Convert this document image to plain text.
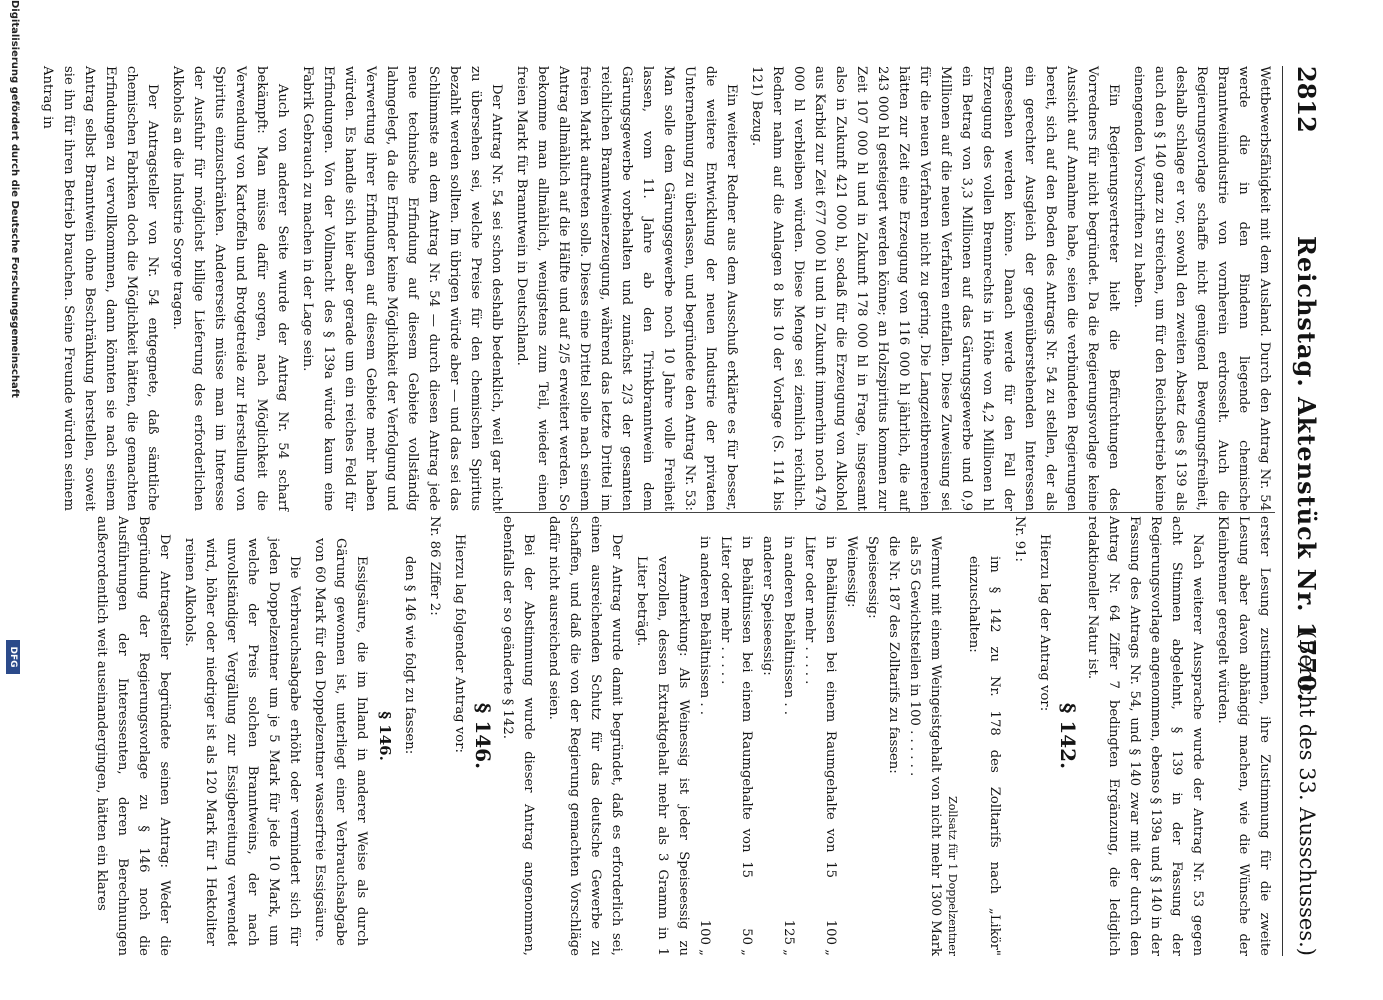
2812
Reichstag. Aktenstück Nr. 1770.
(Bericht des 33. Ausschusses.)

Wettbewerbsfähigkeit mit dem Ausland. Durch den Antrag Nr. 54 werde die in den Bindenn liegende chemische Branntweinindustrie von vornherein erdrosselt. Auch die Regierungsvorlage schaffe nicht genügend Bewegungsfreiheit, deshalb schlage er vor, sowohl den zweiten Absatz des § 139 als auch den § 140 ganz zu streichen, um für den Reichsbetrieb keine einengenden Vorschriften zu haben.

Ein Regierungsvertreter hielt die Befürchtungen des Vorredners für nicht begründet. Da die Regierungsvorlage keine Aussicht auf Annahme habe, seien die verbündeten Regierungen bereit, sich auf den Boden des Antrags Nr. 54 zu stellen, der als ein gerechter Ausgleich der gegenüberstehenden Interessen angesehen werden könne. Danach werde für den Fall der Erzeugung des vollen Brennrechts in Höhe von 4,2 Millionen hl ein Betrag von 3,3 Millionen auf das Gärungsgewerbe und 0,9 Millionen auf die neuen Verfahren entfallen. Diese Zuweisung sei für die neuen Verfahren nicht zu gering. Die Langzeitbrennereien hätten zur Zeit eine Erzeugung von 116 000 hl jährlich, die auf 243 000 hl gesteigert werden könne; an Holzspiritus kommen zur Zeit 107 000 hl und in Zukunft 178 000 hl in Frage, insgesamt also in Zukunft 421 000 hl, sodaß für die Erzeugung von Alkohol aus Karbid zur Zeit 677 000 hl und in Zukunft immerhin noch 479 000 hl verbleiben würden. Diese Menge sei ziemlich reichlich. Redner nahm auf die Anlagen 8 bis 10 der Vorlage (S. 114 bis 121) Bezug.

Ein weiterer Redner aus dem Ausschuß erklärte es für besser, die weitere Entwicklung der neuen Industrie der privaten Unternehmung zu überlassen, und begründete den Antrag Nr. 53: Man solle dem Gärungsgewerbe noch 10 Jahre volle Freiheit lassen, vom 11. Jahre ab den Trinkbranntwein dem Gärungsgewerbe vorbehalten und zunächst 2/3 der gesamten reichlichen Branntweinerzeugung, während das letzte Drittel im freien Markt auftreten solle. Dieses eine Drittel solle nach seinem Antrag allmählich auf die Hälfte und auf 2/5 erweitert werden. So bekomme man allmählich, wenigstens zum Teil, wieder einen freien Markt für Branntwein in Deutschland.

Der Antrag Nr. 54 sei schon deshalb bedenklich, weil gar nicht zu übersehen sei, welche Preise für den chemischen Spiritus bezahlt werden sollten. Im übrigen würde aber — und das sei das Schlimmste an dem Antrag Nr. 54 — durch diesen Antrag jede neue technische Erfindung auf diesem Gebiete vollständig lahmgelegt, da die Erfinder keine Möglichkeit der Verfolgung und Verwertung ihrer Erfindungen auf diesem Gebiete mehr haben würden. Es handle sich hier aber gerade um ein reiches Feld für Erfindungen. Von der Vollmacht des § 139a würde kaum eine Fabrik Gebrauch zu machen in der Lage sein.

Auch von anderer Seite wurde der Antrag Nr. 54 scharf bekämpft: Man müsse dafür sorgen, nach Möglichkeit die Verwendung von Kartoffeln und Brotgetreide zur Herstellung von Spiritus einzuschränken. Andererseits müsse man im Interesse der Ausfuhr für möglichst billige Lieferung des erforderlichen Alkohols an die Industrie Sorge tragen.

Der Antragsteller von Nr. 54 entgegnete, daß sämtliche chemischen Fabriken doch die Möglichkeit hätten, die gemachten Erfindungen zu vervollkommnen, dann könnten sie nach seinem Antrag selbst Branntwein ohne Beschränkung herstellen, soweit sie ihn für ihren Betrieb brauchen. Seine Freunde würden seinem Antrag in

erster Lesung zustimmen, ihre Zustimmung für die zweite Lesung aber davon abhängig machen, wie die Wünsche der Kleinbrenner geregelt würden.

Nach weiterer Aussprache wurde der Antrag Nr. 53 gegen acht Stimmen abgelehnt, § 139 in der Fassung der Regierungsvorlage angenommen, ebenso § 139a und § 140 in der Fassung des Antrags Nr. 54, und § 140 zwar mit der durch den Antrag Nr. 64 Ziffer 7 bedingten Ergänzung, die lediglich redaktioneller Natur ist.

§ 142.

Hierzu lag der Antrag vor:

Nr. 91:

im § 142 zu Nr. 178 des Zolltarifs nach „Likör" einzuschalten:

Zollsatz für 1 Doppelzentner
Wermut mit einem Weingeistgehalt von nicht mehr als 55 Gewichtsteilen in 100 . . . . . .
1300 Mark
die Nr. 187 des Zolltarifs zu fassen:
Speiseessig:
Weinessig:
in Behältnissen bei einem Raumgehalte von 15 Liter oder mehr . . . . .
100 „
in anderen Behältnissen . .
125 „
anderer Speiseessig:
in Behältnissen bei einem Raumgehalte von 15 Liter oder mehr . . . . .
50 „
in anderen Behältnissen . .
100 „

Anmerkung: Als Weinessig ist jeder Speiseessig zu verzollen, dessen Extraktgehalt mehr als 3 Gramm in 1 Liter beträgt.

Der Antrag wurde damit begründet, daß es erforderlich sei, einen ausreichenden Schutz für das deutsche Gewerbe zu schaffen, und daß die von der Regierung gemachten Vorschläge dafür nicht ausreichend seien.

Bei der Abstimmung wurde dieser Antrag angenommen, ebenfalls der so geänderte § 142.

§ 146.

Hierzu lag folgender Antrag vor:

Nr. 86 Ziffer 2:

den § 146 wie folgt zu fassen:

§ 146.

Essigsäure, die im Inland in anderer Weise als durch Gärung gewonnen ist, unterliegt einer Verbrauchsabgabe von 60 Mark für den Doppelzentner wasserfreie Essigsäure.

Die Verbrauchsabgabe erhöht oder vermindert sich für jeden Doppelzentner um je 5 Mark für jede 10 Mark, um welche der Preis solchen Branntweins, der nach unvollständiger Vergällung zur Essigbereitung verwendet wird, höher oder niedriger ist als 120 Mark für 1 Hektoliter reinen Alkohols.

Der Antragsteller begründete seinen Antrag: Weder die Begründung der Regierungsvorlage zu § 146 noch die Ausführungen der Interessenten, deren Berechnungen außerordentlich weit auseinandergingen, hätten ein klares

Digitalisierung gefördert durch die Deutsche Forschungsgemeinschaft
DFG
